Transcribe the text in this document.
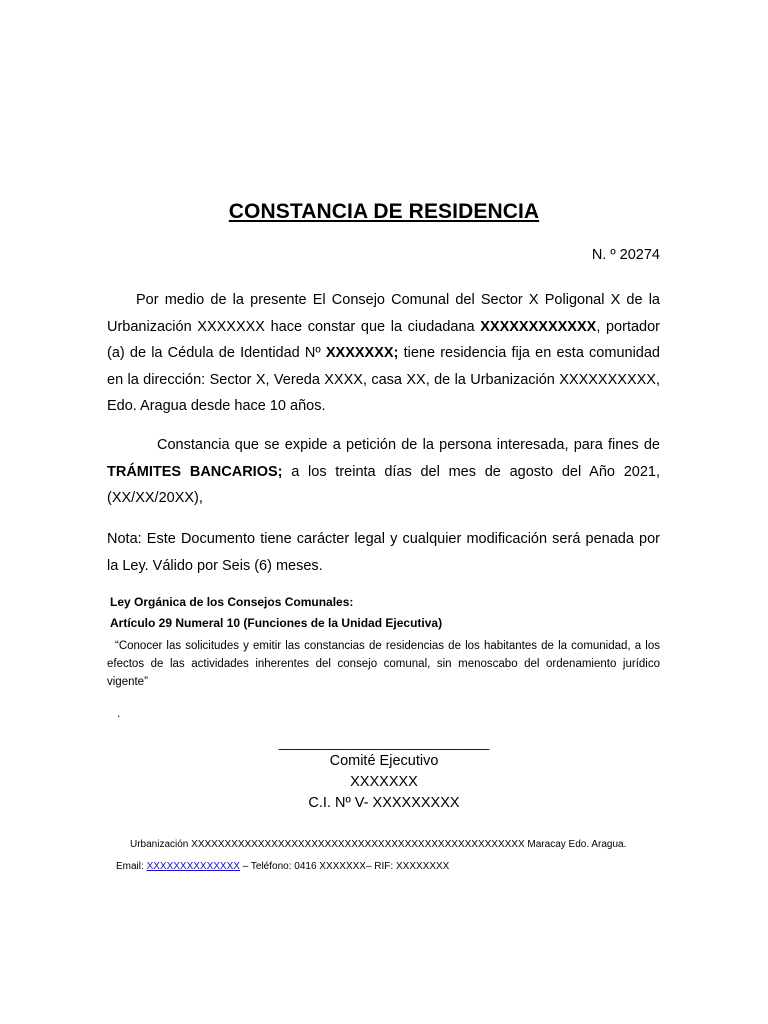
CONSTANCIA DE RESIDENCIA
N. º 20274
Por medio de la presente El Consejo Comunal del Sector X Poligonal X de la Urbanización XXXXXXX hace constar que la ciudadana XXXXXXXXXXXX, portador (a) de la Cédula de Identidad Nº XXXXXXX; tiene residencia fija en esta comunidad en la dirección: Sector X, Vereda XXXX, casa XX, de la Urbanización XXXXXXXXXX, Edo. Aragua desde hace 10 años.
Constancia que se expide a petición de la persona interesada, para fines de TRÁMITES BANCARIOS; a los treinta días del mes de agosto del Año 2021, (XX/XX/20XX),
Nota: Este Documento tiene carácter legal y cualquier modificación será penada por la Ley. Válido por Seis (6) meses.
Ley Orgánica de los Consejos Comunales:
Artículo 29 Numeral 10 (Funciones de la Unidad Ejecutiva)
“Conocer las solicitudes y emitir las constancias de residencias de los habitantes de la comunidad, a los efectos de las actividades inherentes del consejo comunal, sin menoscabo del ordenamiento jurídico vigente”
.
___________________________
Comité Ejecutivo
XXXXXXX
C.I. Nº V- XXXXXXXXX
Urbanización XXXXXXXXXXXXXXXXXXXXXXXXXXXXXXXXXXXXXXXXXXXXXXXXXX Maracay Edo. Aragua.
Email: XXXXXXXXXXXXXX – Teléfono: 0416 XXXXXXX– RIF: XXXXXXXX
